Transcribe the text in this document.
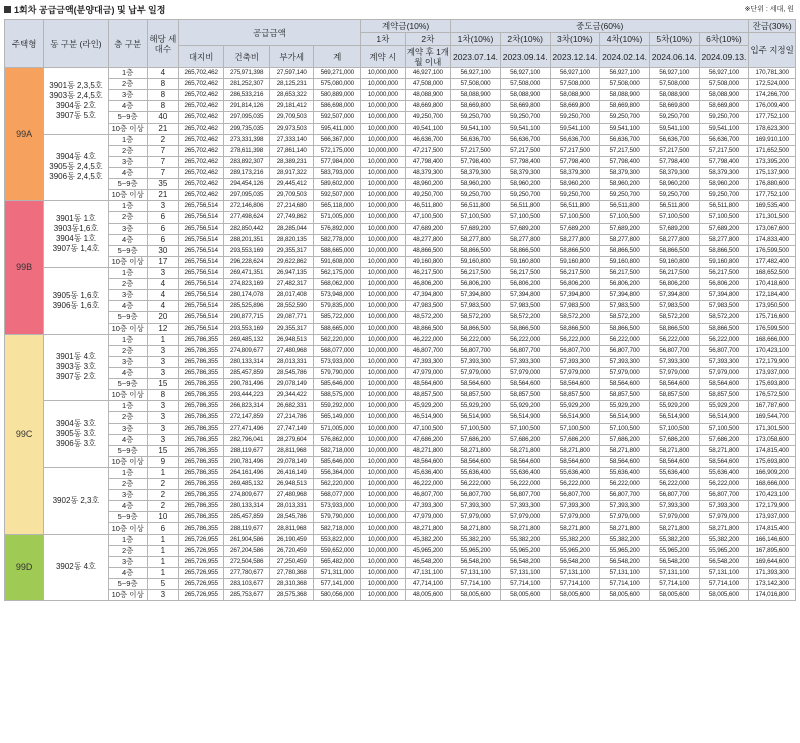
1회차 공급금액(분양대금) 및 납부 일정	※단위 : 세대, 원
주택형	동 구분 (라인)	층 구분	해당 세대수	공급금액				계약금(10%)		중도금(60%)						잔금(30%)
								1차	2차	1차(10%)	2차(10%)	3차(10%)	4차(10%)	5차(10%)	6차(10%)	입주 지정일
				대지비	건축비	부가세	계	계약 시	계약 후 1개월 이내	2023.07.14.	2023.09.14.	2023.12.14.	2024.02.14.	2024.06.14.	2024.09.13.	
99A	3901동 2,3,5호
3903동 2,4,5호
3904동 2호
3907동 5호	1층	4	265,702,462	275,971,398	27,597,140	569,271,000	10,000,000	46,927,100	56,927,100	56,927,100	56,927,100	56,927,100	56,927,100	56,927,100	170,781,300
		2층	8	265,702,462	281,252,307	28,125,231	575,080,000	10,000,000	47,508,000	57,508,000	57,508,000	57,508,000	57,508,000	57,508,000	57,508,000	172,524,000
		3층	8	265,702,462	286,533,216	28,653,322	580,889,000	10,000,000	48,088,900	58,088,900	58,088,900	58,088,900	58,088,900	58,088,900	58,088,900	174,266,700
		4층	8	265,702,462	291,814,126	29,181,412	586,698,000	10,000,000	48,669,800	58,669,800	58,669,800	58,669,800	58,669,800	58,669,800	58,669,800	176,009,400
		5~9층	40	265,702,462	297,095,035	29,709,503	592,507,000	10,000,000	49,250,700	59,250,700	59,250,700	59,250,700	59,250,700	59,250,700	59,250,700	177,752,100
		10층 이상	21	265,702,462	299,735,035	29,973,503	595,411,000	10,000,000	49,541,100	59,541,100	59,541,100	59,541,100	59,541,100	59,541,100	59,541,100	178,623,300

	3904동 4호
3905동 2,4,5호
3906동 2,4,5호	1층	2	265,702,462	273,331,398	27,333,140	566,367,000	10,000,000	46,636,700	56,636,700	56,636,700	56,636,700	56,636,700	56,636,700	56,636,700	169,910,100
		2층	7	265,702,462	278,611,398	27,861,140	572,175,000	10,000,000	47,217,500	57,217,500	57,217,500	57,217,500	57,217,500	57,217,500	57,217,500	171,652,500
		3층	7	265,702,462	283,892,307	28,389,231	577,984,000	10,000,000	47,798,400	57,798,400	57,798,400	57,798,400	57,798,400	57,798,400	57,798,400	173,395,200
		4층	7	265,702,462	289,173,216	28,917,322	583,793,000	10,000,000	48,379,300	58,379,300	58,379,300	58,379,300	58,379,300	58,379,300	58,379,300	175,137,900
		5~9층	35	265,702,462	294,454,126	29,445,412	589,602,000	10,000,000	48,960,200	58,960,200	58,960,200	58,960,200	58,960,200	58,960,200	58,960,200	176,880,600
		10층 이상	21	265,702,462	297,095,035	29,709,503	592,507,000	10,000,000	49,250,700	59,250,700	59,250,700	59,250,700	59,250,700	59,250,700	59,250,700	177,752,100
99B	3901동 1호
3903동1,6호
3904동 1호
3907동 1,4호	1층	3	265,756,514	272,146,806	27,214,680	565,118,000	10,000,000	46,511,800	56,511,800	56,511,800	56,511,800	56,511,800	56,511,800	56,511,800	169,535,400
		2층	6	265,756,514	277,498,624	27,749,862	571,005,000	10,000,000	47,100,500	57,100,500	57,100,500	57,100,500	57,100,500	57,100,500	57,100,500	171,301,500
		3층	6	265,756,514	282,850,442	28,285,044	576,892,000	10,000,000	47,689,200	57,689,200	57,689,200	57,689,200	57,689,200	57,689,200	57,689,200	173,067,600
		4층	6	265,756,514	288,201,351	28,820,135	582,778,000	10,000,000	48,277,800	58,277,800	58,277,800	58,277,800	58,277,800	58,277,800	58,277,800	174,833,400
		5~9층	30	265,756,514	293,553,169	29,355,317	588,665,000	10,000,000	48,866,500	58,866,500	58,866,500	58,866,500	58,866,500	58,866,500	58,866,500	176,599,500
		10층 이상	17	265,756,514	296,228,624	29,622,862	591,608,000	10,000,000	49,160,800	59,160,800	59,160,800	59,160,800	59,160,800	59,160,800	59,160,800	177,482,400

	3905동 1,6호
3906동 1,6호	1층	3	265,756,514	269,471,351	26,947,135	562,175,000	10,000,000	46,217,500	56,217,500	56,217,500	56,217,500	56,217,500	56,217,500	56,217,500	168,652,500
		2층	4	265,756,514	274,823,169	27,482,317	568,062,000	10,000,000	46,806,200	56,806,200	56,806,200	56,806,200	56,806,200	56,806,200	56,806,200	170,418,600
		3층	4	265,756,514	280,174,078	28,017,408	573,948,000	10,000,000	47,394,800	57,394,800	57,394,800	57,394,800	57,394,800	57,394,800	57,394,800	172,184,400
		4층	4	265,756,514	285,525,896	28,552,590	579,835,000	10,000,000	47,983,500	57,983,500	57,983,500	57,983,500	57,983,500	57,983,500	57,983,500	173,950,500
		5~9층	20	265,756,514	290,877,715	29,087,771	585,722,000	10,000,000	48,572,200	58,572,200	58,572,200	58,572,200	58,572,200	58,572,200	58,572,200	175,716,600
		10층 이상	12	265,756,514	293,553,169	29,355,317	588,665,000	10,000,000	48,866,500	58,866,500	58,866,500	58,866,500	58,866,500	58,866,500	58,866,500	176,599,500
99C	3901동 4호
3903동 3호
3907동 2호	1층	1	265,786,355	269,485,132	26,948,513	562,220,000	10,000,000	46,222,000	56,222,000	56,222,000	56,222,000	56,222,000	56,222,000	56,222,000	168,666,000
		2층	3	265,786,355	274,809,677	27,480,968	568,077,000	10,000,000	46,807,700	56,807,700	56,807,700	56,807,700	56,807,700	56,807,700	56,807,700	170,423,100
		3층	3	265,786,355	280,133,314	28,013,331	573,933,000	10,000,000	47,393,300	57,393,300	57,393,300	57,393,300	57,393,300	57,393,300	57,393,300	172,179,900
		4층	3	265,786,355	285,457,859	28,545,786	579,790,000	10,000,000	47,979,000	57,979,000	57,979,000	57,979,000	57,979,000	57,979,000	57,979,000	173,937,000
		5~9층	15	265,786,355	290,781,496	29,078,149	585,646,000	10,000,000	48,564,600	58,564,600	58,564,600	58,564,600	58,564,600	58,564,600	58,564,600	175,693,800
		10층 이상	8	265,786,355	293,444,223	29,344,422	588,575,000	10,000,000	48,857,500	58,857,500	58,857,500	58,857,500	58,857,500	58,857,500	58,857,500	176,572,500

	3904동 3호
3905동 3호
3906동 3호	1층	3	265,786,355	266,823,314	26,682,331	559,292,000	10,000,000	45,929,200	55,929,200	55,929,200	55,929,200	55,929,200	55,929,200	55,929,200	167,787,600
		2층	3	265,786,355	272,147,859	27,214,786	565,149,000	10,000,000	46,514,900	56,514,900	56,514,900	56,514,900	56,514,900	56,514,900	56,514,900	169,544,700
		3층	3	265,786,355	277,471,496	27,747,149	571,005,000	10,000,000	47,100,500	57,100,500	57,100,500	57,100,500	57,100,500	57,100,500	57,100,500	171,301,500
		4층	3	265,786,355	282,796,041	28,279,604	576,862,000	10,000,000	47,686,200	57,686,200	57,686,200	57,686,200	57,686,200	57,686,200	57,686,200	173,058,600
		5~9층	15	265,786,355	288,119,677	28,811,968	582,718,000	10,000,000	48,271,800	58,271,800	58,271,800	58,271,800	58,271,800	58,271,800	58,271,800	174,815,400
		10층 이상	9	265,786,355	290,781,496	29,078,149	585,646,000	10,000,000	48,564,600	58,564,600	58,564,600	58,564,600	58,564,600	58,564,600	58,564,600	175,693,800

	3902동 2,3호	1층	1	265,786,355	264,161,496	26,416,149	556,364,000	10,000,000	45,636,400	55,636,400	55,636,400	55,636,400	55,636,400	55,636,400	55,636,400	166,909,200
		2층	2	265,786,355	269,485,132	26,948,513	562,220,000	10,000,000	46,222,000	56,222,000	56,222,000	56,222,000	56,222,000	56,222,000	56,222,000	168,666,000
		3층	2	265,786,355	274,809,677	27,480,968	568,077,000	10,000,000	46,807,700	56,807,700	56,807,700	56,807,700	56,807,700	56,807,700	56,807,700	170,423,100
		4층	2	265,786,355	280,133,314	28,013,331	573,933,000	10,000,000	47,393,300	57,393,300	57,393,300	57,393,300	57,393,300	57,393,300	57,393,300	172,179,900
		5~9층	10	265,786,355	285,457,859	28,545,786	579,790,000	10,000,000	47,979,000	57,979,000	57,979,000	57,979,000	57,979,000	57,979,000	57,979,000	173,937,000
		10층 이상	6	265,786,355	288,119,677	28,811,968	582,718,000	10,000,000	48,271,800	58,271,800	58,271,800	58,271,800	58,271,800	58,271,800	58,271,800	174,815,400
99D	3902동 4호	1층	1	265,726,955	261,904,586	26,190,459	553,822,000	10,000,000	45,382,200	55,382,200	55,382,200	55,382,200	55,382,200	55,382,200	55,382,200	166,146,600
		2층	1	265,726,955	267,204,586	26,720,459	559,652,000	10,000,000	45,965,200	55,965,200	55,965,200	55,965,200	55,965,200	55,965,200	55,965,200	167,895,600
		3층	1	265,726,955	272,504,586	27,250,459	565,482,000	10,000,000	46,548,200	56,548,200	56,548,200	56,548,200	56,548,200	56,548,200	56,548,200	169,644,600
		4층	1	265,726,955	277,780,677	27,780,368	571,311,000	10,000,000	47,131,100	57,131,100	57,131,100	57,131,100	57,131,100	57,131,100	57,131,100	171,393,300
		5~9층	5	265,726,955	283,103,677	28,310,368	577,141,000	10,000,000	47,714,100	57,714,100	57,714,100	57,714,100	57,714,100	57,714,100	57,714,100	173,142,300
		10층 이상	3	265,726,955	285,753,677	28,575,368	580,056,000	10,000,000	48,005,600	58,005,600	58,005,600	58,005,600	58,005,600	58,005,600	58,005,600	174,016,800
